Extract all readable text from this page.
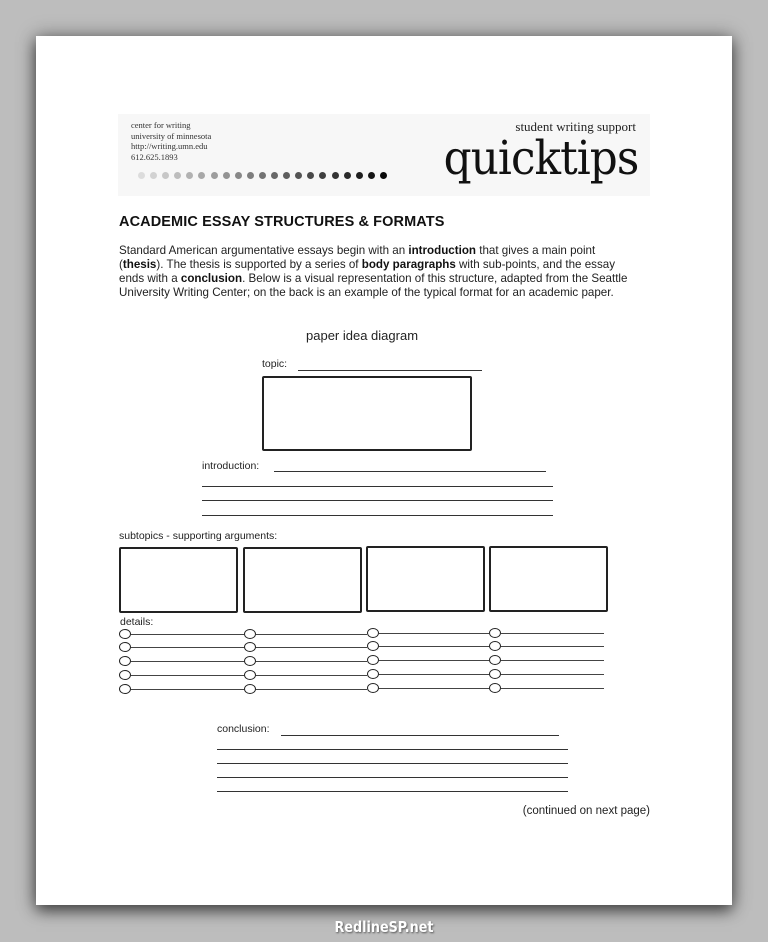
center for writing
university of minnesota
http://writing.umn.edu
612.625.1893
student writing support
quicktips
ACADEMIC ESSAY STRUCTURES & FORMATS
Standard American argumentative essays begin with an introduction that gives a main point (thesis). The thesis is supported by a series of body paragraphs with sub-points, and the essay ends with a conclusion. Below is a visual representation of this structure, adapted from the Seattle University Writing Center; on the back is an example of the typical format for an academic paper.
paper idea diagram
topic:
introduction:
subtopics - supporting arguments:
details:
conclusion:
(continued on next page)
RedlineSP.net
